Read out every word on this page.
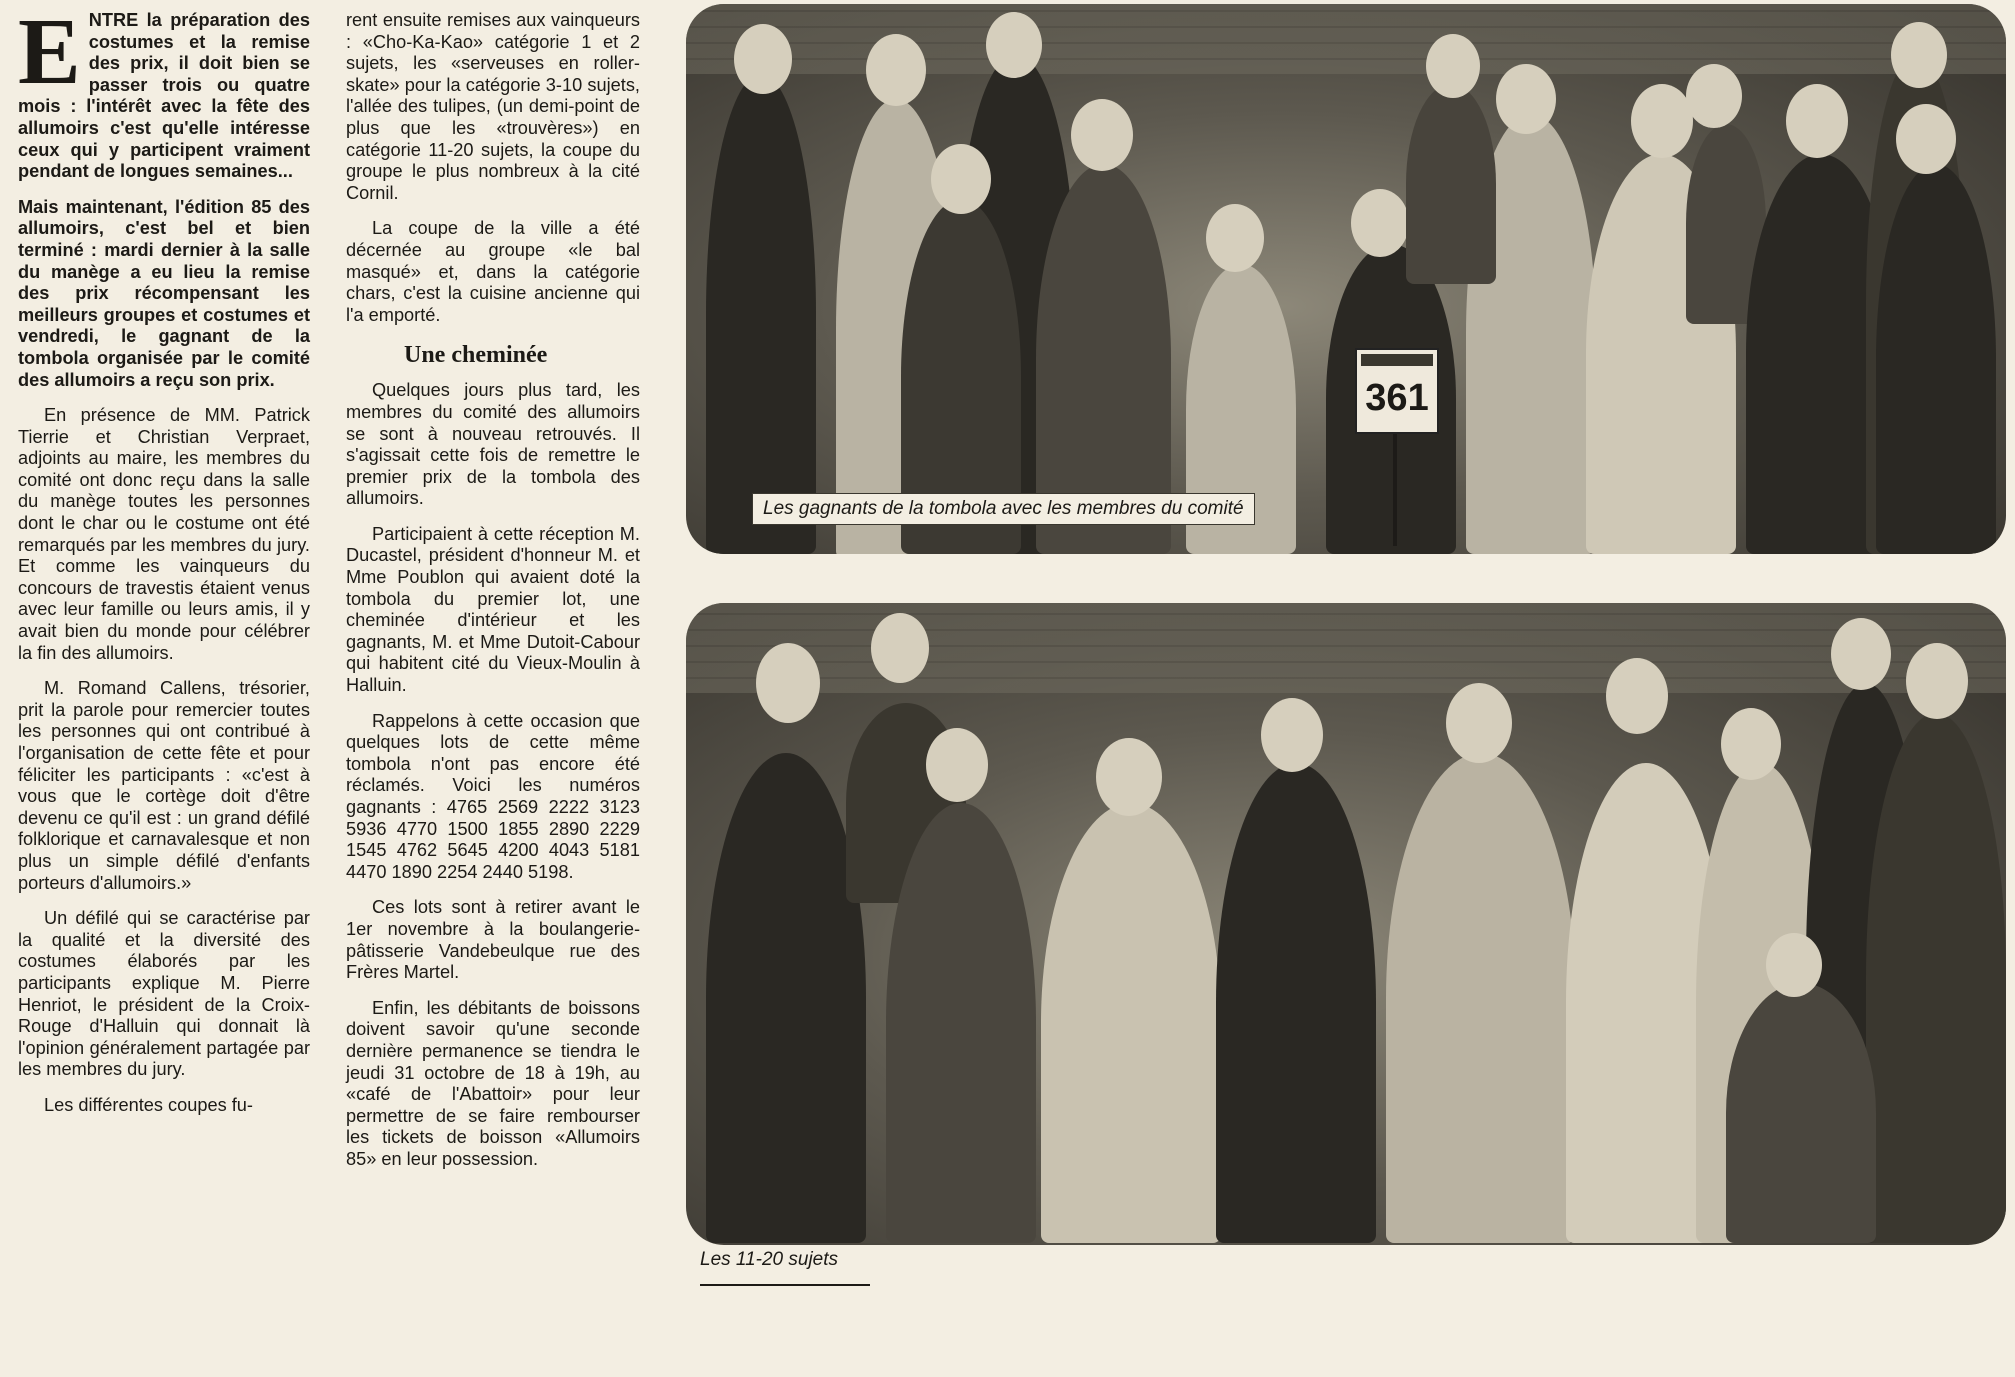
ENTRE la préparation des costumes et la remise des prix, il doit bien se passer trois ou quatre mois : l'intérêt avec la fête des allumoirs c'est qu'elle intéresse ceux qui y participent vraiment pendant de longues semaines...

Mais maintenant, l'édition 85 des allumoirs, c'est bel et bien terminé : mardi dernier à la salle du manège a eu lieu la remise des prix récompensant les meilleurs groupes et costumes et vendredi, le gagnant de la tombola organisée par le comité des allumoirs a reçu son prix.

En présence de MM. Patrick Tierrie et Christian Verpraet, adjoints au maire, les membres du comité ont donc reçu dans la salle du manège toutes les personnes dont le char ou le costume ont été remarqués par les membres du jury. Et comme les vainqueurs du concours de travestis étaient venus avec leur famille ou leurs amis, il y avait bien du monde pour célébrer la fin des allumoirs.

M. Romand Callens, trésorier, prit la parole pour remercier toutes les personnes qui ont contribué à l'organisation de cette fête et pour féliciter les participants : «c'est à vous que le cortège doit d'être devenu ce qu'il est : un grand défilé folklorique et carnavalesque et non plus un simple défilé d'enfants porteurs d'allumoirs.»

Un défilé qui se caractérise par la qualité et la diversité des costumes élaborés par les participants explique M. Pierre Henriot, le président de la Croix-Rouge d'Halluin qui donnait là l'opinion généralement partagée par les membres du jury.

Les différentes coupes fu-

rent ensuite remises aux vainqueurs : «Cho-Ka-Kao» catégorie 1 et 2 sujets, les «serveuses en roller-skate» pour la catégorie 3-10 sujets, l'allée des tulipes, (un demi-point de plus que les «trouvères») en catégorie 11-20 sujets, la coupe du groupe le plus nombreux à la cité Cornil.

La coupe de la ville a été décernée au groupe «le bal masqué» et, dans la catégorie chars, c'est la cuisine ancienne qui l'a emporté.

Une cheminée

Quelques jours plus tard, les membres du comité des allumoirs se sont à nouveau retrouvés. Il s'agissait cette fois de remettre le premier prix de la tombola des allumoirs.

Participaient à cette réception M. Ducastel, président d'honneur M. et Mme Poublon qui avaient doté la tombola du premier lot, une cheminée d'intérieur et les gagnants, M. et Mme Dutoit-Cabour qui habitent cité du Vieux-Moulin à Halluin.

Rappelons à cette occasion que quelques lots de cette même tombola n'ont pas encore été réclamés. Voici les numéros gagnants : 4765 2569 2222 3123 5936 4770 1500 1855 2890 2229 1545 4762 5645 4200 4043 5181 4470 1890 2254 2440 5198.

Ces lots sont à retirer avant le 1er novembre à la boulangerie-pâtisserie Vandebeulque rue des Frères Martel.

Enfin, les débitants de boissons doivent savoir qu'une seconde dernière permanence se tiendra le jeudi 31 octobre de 18 à 19h, au «café de l'Abattoir» pour leur permettre de se faire rembourser les tickets de boisson «Allumoirs 85» en leur possession.

361
Les gagnants de la tombola avec les membres du comité
Les 11-20 sujets
